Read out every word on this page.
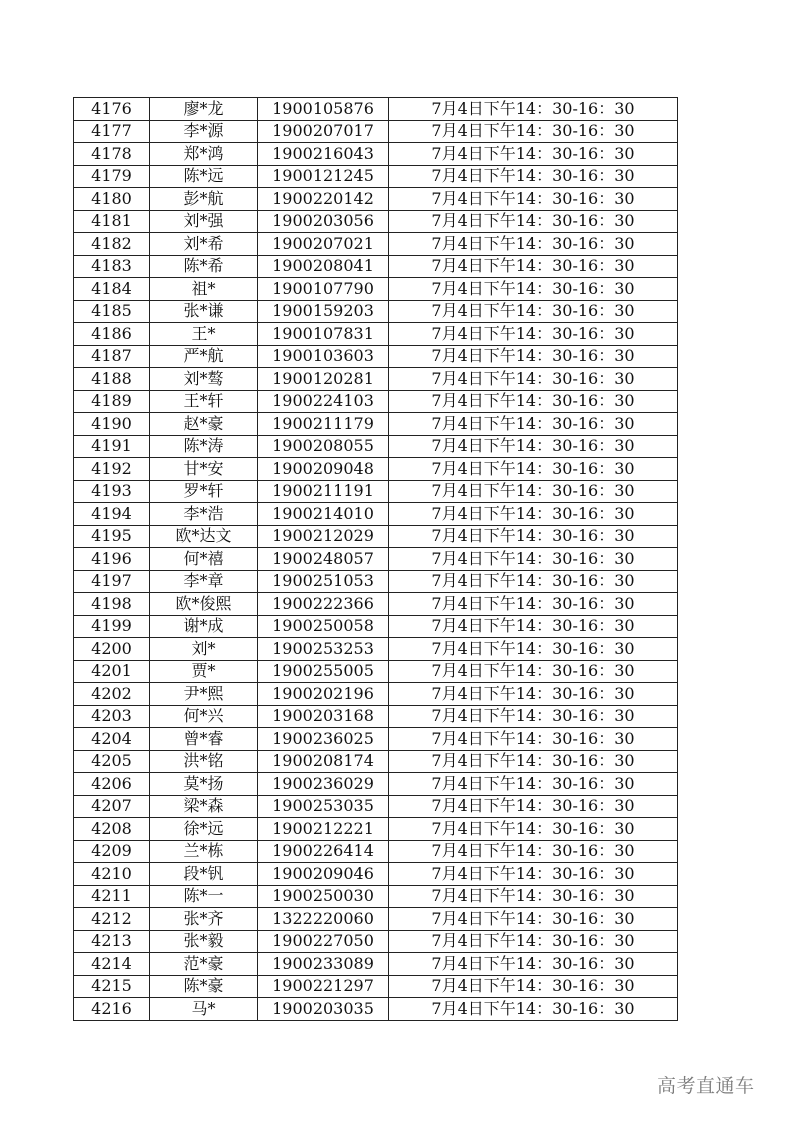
4176	廖*龙	1900105876	7月4日下午14：30-16：30
4177	李*源	1900207017	7月4日下午14：30-16：30
4178	郑*鸿	1900216043	7月4日下午14：30-16：30
4179	陈*远	1900121245	7月4日下午14：30-16：30
4180	彭*航	1900220142	7月4日下午14：30-16：30
4181	刘*强	1900203056	7月4日下午14：30-16：30
4182	刘*希	1900207021	7月4日下午14：30-16：30
4183	陈*希	1900208041	7月4日下午14：30-16：30
4184	祖*	1900107790	7月4日下午14：30-16：30
4185	张*谦	1900159203	7月4日下午14：30-16：30
4186	王*	1900107831	7月4日下午14：30-16：30
4187	严*航	1900103603	7月4日下午14：30-16：30
4188	刘*骜	1900120281	7月4日下午14：30-16：30
4189	王*轩	1900224103	7月4日下午14：30-16：30
4190	赵*豪	1900211179	7月4日下午14：30-16：30
4191	陈*涛	1900208055	7月4日下午14：30-16：30
4192	甘*安	1900209048	7月4日下午14：30-16：30
4193	罗*轩	1900211191	7月4日下午14：30-16：30
4194	李*浩	1900214010	7月4日下午14：30-16：30
4195	欧*达文	1900212029	7月4日下午14：30-16：30
4196	何*禧	1900248057	7月4日下午14：30-16：30
4197	李*章	1900251053	7月4日下午14：30-16：30
4198	欧*俊熙	1900222366	7月4日下午14：30-16：30
4199	谢*成	1900250058	7月4日下午14：30-16：30
4200	刘*	1900253253	7月4日下午14：30-16：30
4201	贾*	1900255005	7月4日下午14：30-16：30
4202	尹*熙	1900202196	7月4日下午14：30-16：30
4203	何*兴	1900203168	7月4日下午14：30-16：30
4204	曾*睿	1900236025	7月4日下午14：30-16：30
4205	洪*铭	1900208174	7月4日下午14：30-16：30
4206	莫*扬	1900236029	7月4日下午14：30-16：30
4207	梁*森	1900253035	7月4日下午14：30-16：30
4208	徐*远	1900212221	7月4日下午14：30-16：30
4209	兰*栋	1900226414	7月4日下午14：30-16：30
4210	段*钒	1900209046	7月4日下午14：30-16：30
4211	陈*一	1900250030	7月4日下午14：30-16：30
4212	张*齐	1322220060	7月4日下午14：30-16：30
4213	张*毅	1900227050	7月4日下午14：30-16：30
4214	范*豪	1900233089	7月4日下午14：30-16：30
4215	陈*豪	1900221297	7月4日下午14：30-16：30
4216	马*	1900203035	7月4日下午14：30-16：30
高考直通车
